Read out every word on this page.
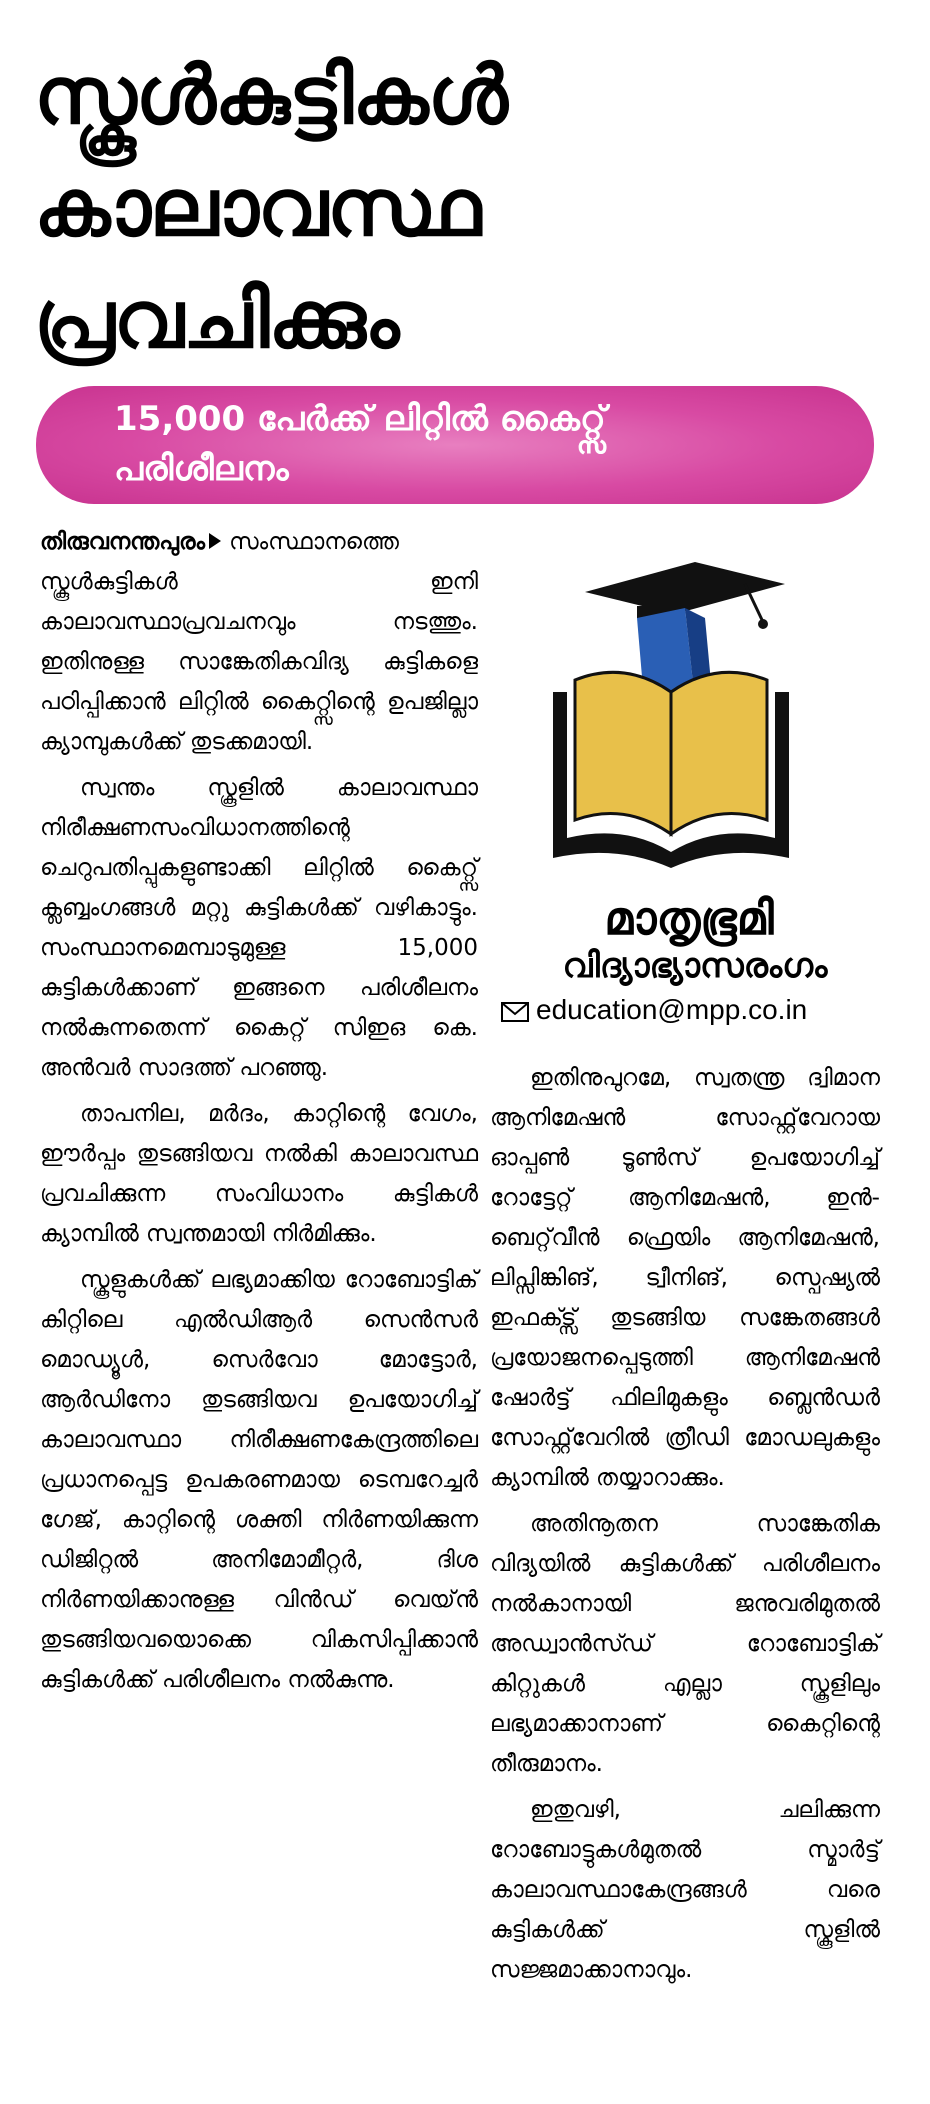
സ്കൂൾകുട്ടികൾ
കാലാവസ്ഥ
പ്രവചിക്കും
15,000 പേർക്ക് ലിറ്റിൽ കൈറ്റ്സ്
പരിശീലനം

തിരുവനന്തപുരം സംസ്ഥാനത്തെ സ്കൂൾകുട്ടികൾ ഇനി കാലാവസ്ഥാപ്രവചനവും നടത്തും. ഇതിനുള്ള സാങ്കേതികവിദ്യ കുട്ടികളെ പഠിപ്പിക്കാൻ ലിറ്റിൽ കൈറ്റ്സിന്റെ ഉപജില്ലാ ക്യാമ്പുകൾക്ക് തുടക്കമായി.

സ്വന്തം സ്കൂളിൽ കാലാവസ്ഥാ നിരീക്ഷണസംവിധാനത്തിന്റെ ചെറുപതിപ്പുകളുണ്ടാക്കി ലിറ്റിൽ കൈറ്റ്സ് ക്ലബ്ബംഗങ്ങൾ മറ്റു കുട്ടികൾക്ക് വഴികാട്ടും. സംസ്ഥാനമെമ്പാടുമുള്ള 15,000 കുട്ടികൾക്കാണ് ഇങ്ങനെ പരിശീലനം നൽകുന്നതെന്ന് കൈറ്റ് സിഇഒ കെ. അൻവർ സാദത്ത് പറഞ്ഞു.

താപനില, മർദം, കാറ്റിന്റെ വേഗം, ഈർപ്പം തുടങ്ങിയവ നൽകി കാലാവസ്ഥ പ്രവചിക്കുന്ന സംവിധാനം കുട്ടികൾ ക്യാമ്പിൽ സ്വന്തമായി നിർമിക്കും.

സ്കൂളുകൾക്ക് ലഭ്യമാക്കിയ റോബോട്ടിക് കിറ്റിലെ എൽഡിആർ സെൻസർ മൊഡ്യൂൾ, സെർവോ മോട്ടോർ, ആർഡിനോ തുടങ്ങിയവ ഉപയോഗിച്ച് കാലാവസ്ഥാ നിരീക്ഷണകേന്ദ്രത്തിലെ പ്രധാനപ്പെട്ട ഉപകരണമായ ടെമ്പറേച്ചർ ഗേജ്, കാറ്റിന്റെ ശക്തി നിർണയിക്കുന്ന ഡിജിറ്റൽ അനിമോമീറ്റർ, ദിശ നിർണയിക്കാനുള്ള വിൻഡ് വെയ്ൻ തുടങ്ങിയവയൊക്കെ വികസിപ്പിക്കാൻ കുട്ടികൾക്ക് പരിശീലനം നൽകുന്നു.

മാതൃഭൂമി
വിദ്യാഭ്യാസരംഗം
education@mpp.co.in

ഇതിനുപുറമേ, സ്വതന്ത്ര ദ്വിമാന ആനിമേഷൻ സോഫ്റ്റ്‌വേറായ ഓപ്പൺ ടൂൺസ് ഉപയോഗിച്ച് റോട്ടേറ്റ് ആനിമേഷൻ, ഇൻ-ബെറ്റ്‌വീൻ ഫ്രെയിം ആനിമേഷൻ, ലിപ്സിങ്കിങ്, ട്വീനിങ്, സ്പെഷ്യൽ ഇഫക്ട്സ് തുടങ്ങിയ സങ്കേതങ്ങൾ പ്രയോജനപ്പെടുത്തി ആനിമേഷൻ ഷോർട്ട് ഫിലിമുകളും ബ്ലെൻഡർ സോഫ്റ്റ്‌വേറിൽ ത്രീഡി മോഡലുകളും ക്യാമ്പിൽ തയ്യാറാക്കും.

അതിനൂതന സാങ്കേതിക വിദ്യയിൽ കുട്ടികൾക്ക് പരിശീലനം നൽകാനായി ജനുവരിമുതൽ അഡ്വാൻസ്ഡ് റോബോട്ടിക് കിറ്റുകൾ എല്ലാ സ്കൂളിലും ലഭ്യമാക്കാനാണ് കൈറ്റിന്റെ തീരുമാനം.

ഇതുവഴി, ചലിക്കുന്ന റോബോട്ടുകൾമുതൽ സ്മാർട്ട് കാലാവസ്ഥാകേന്ദ്രങ്ങൾ വരെ കുട്ടികൾക്ക് സ്കൂളിൽ സജ്ജമാക്കാനാവും.
